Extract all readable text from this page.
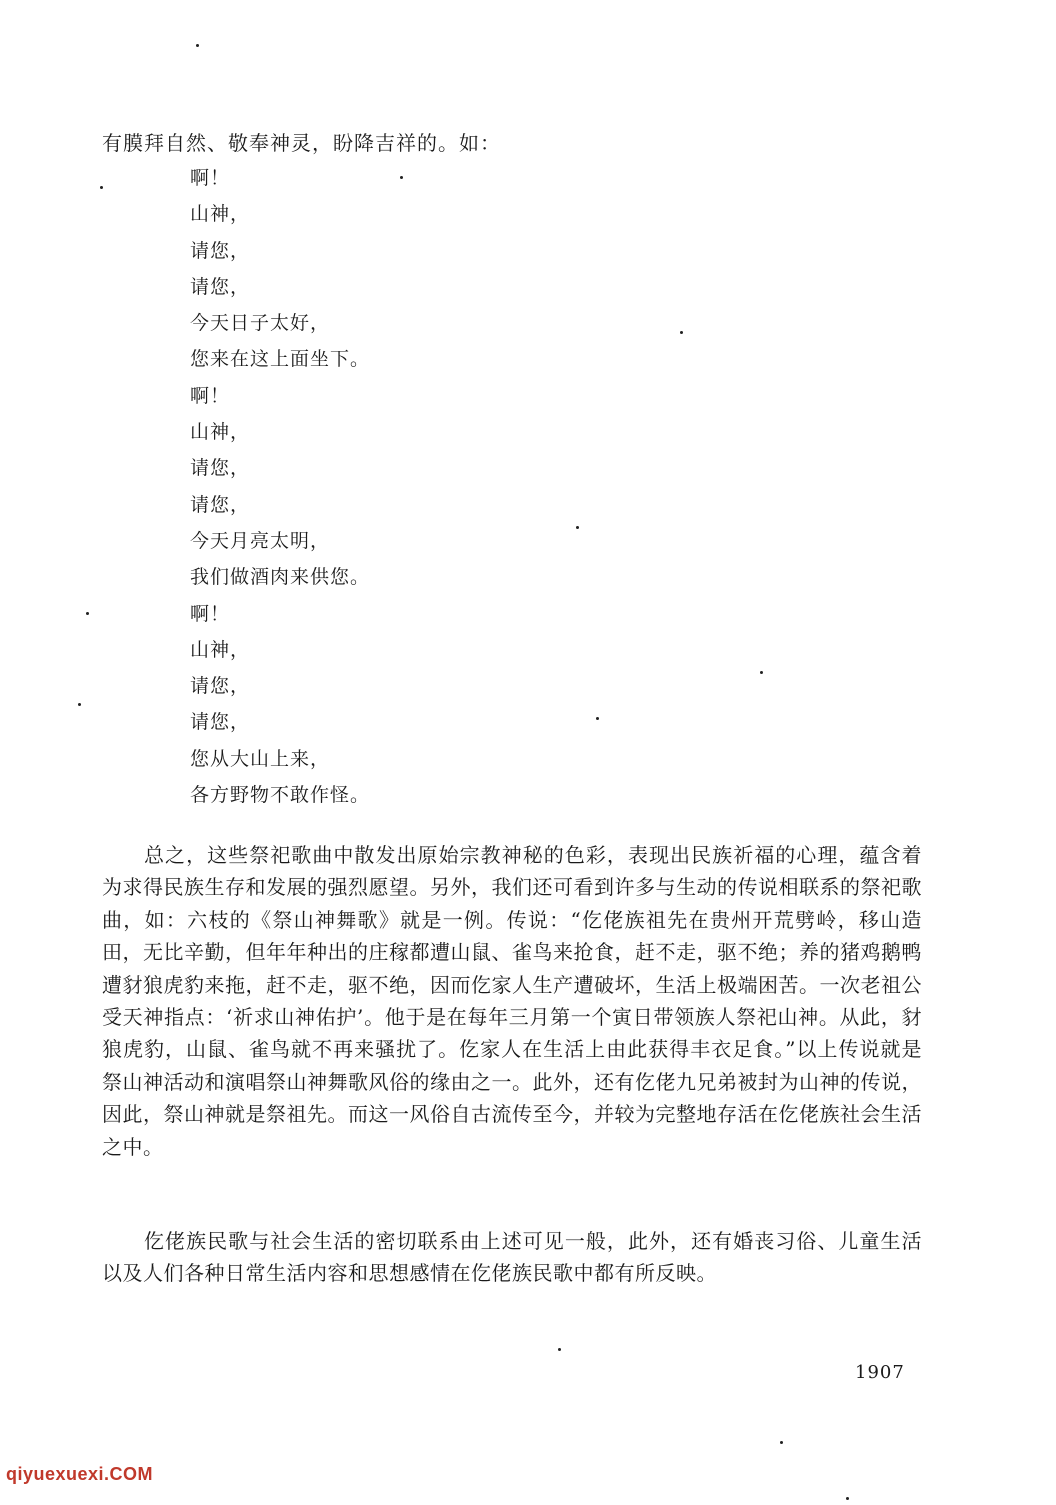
有膜拜自然、敬奉神灵，盼降吉祥的。如：
啊！
山神，
请您，
请您，
今天日子太好，
您来在这上面坐下。
啊！
山神，
请您，
请您，
今天月亮太明，
我们做酒肉来供您。
啊！
山神，
请您，
请您，
您从大山上来，
各方野物不敢作怪。

总之，这些祭祀歌曲中散发出原始宗教神秘的色彩，表现出民族祈福的心理，蕴含着为求得民族生存和发展的强烈愿望。另外，我们还可看到许多与生动的传说相联系的祭祀歌曲，如：六枝的《祭山神舞歌》就是一例。传说：“仡佬族祖先在贵州开荒劈岭，移山造田，无比辛勤，但年年种出的庄稼都遭山鼠、雀鸟来抢食，赶不走，驱不绝；养的猪鸡鹅鸭遭豺狼虎豹来拖，赶不走，驱不绝，因而仡家人生产遭破坏，生活上极端困苦。一次老祖公受天神指点：‘祈求山神佑护’。他于是在每年三月第一个寅日带领族人祭祀山神。从此，豺狼虎豹，山鼠、雀鸟就不再来骚扰了。仡家人在生活上由此获得丰衣足食。”以上传说就是祭山神活动和演唱祭山神舞歌风俗的缘由之一。此外，还有仡佬九兄弟被封为山神的传说，因此，祭山神就是祭祖先。而这一风俗自古流传至今，并较为完整地存活在仡佬族社会生活之中。

仡佬族民歌与社会生活的密切联系由上述可见一般，此外，还有婚丧习俗、儿童生活以及人们各种日常生活内容和思想感情在仡佬族民歌中都有所反映。

1907
qiyuexuexi.COM
